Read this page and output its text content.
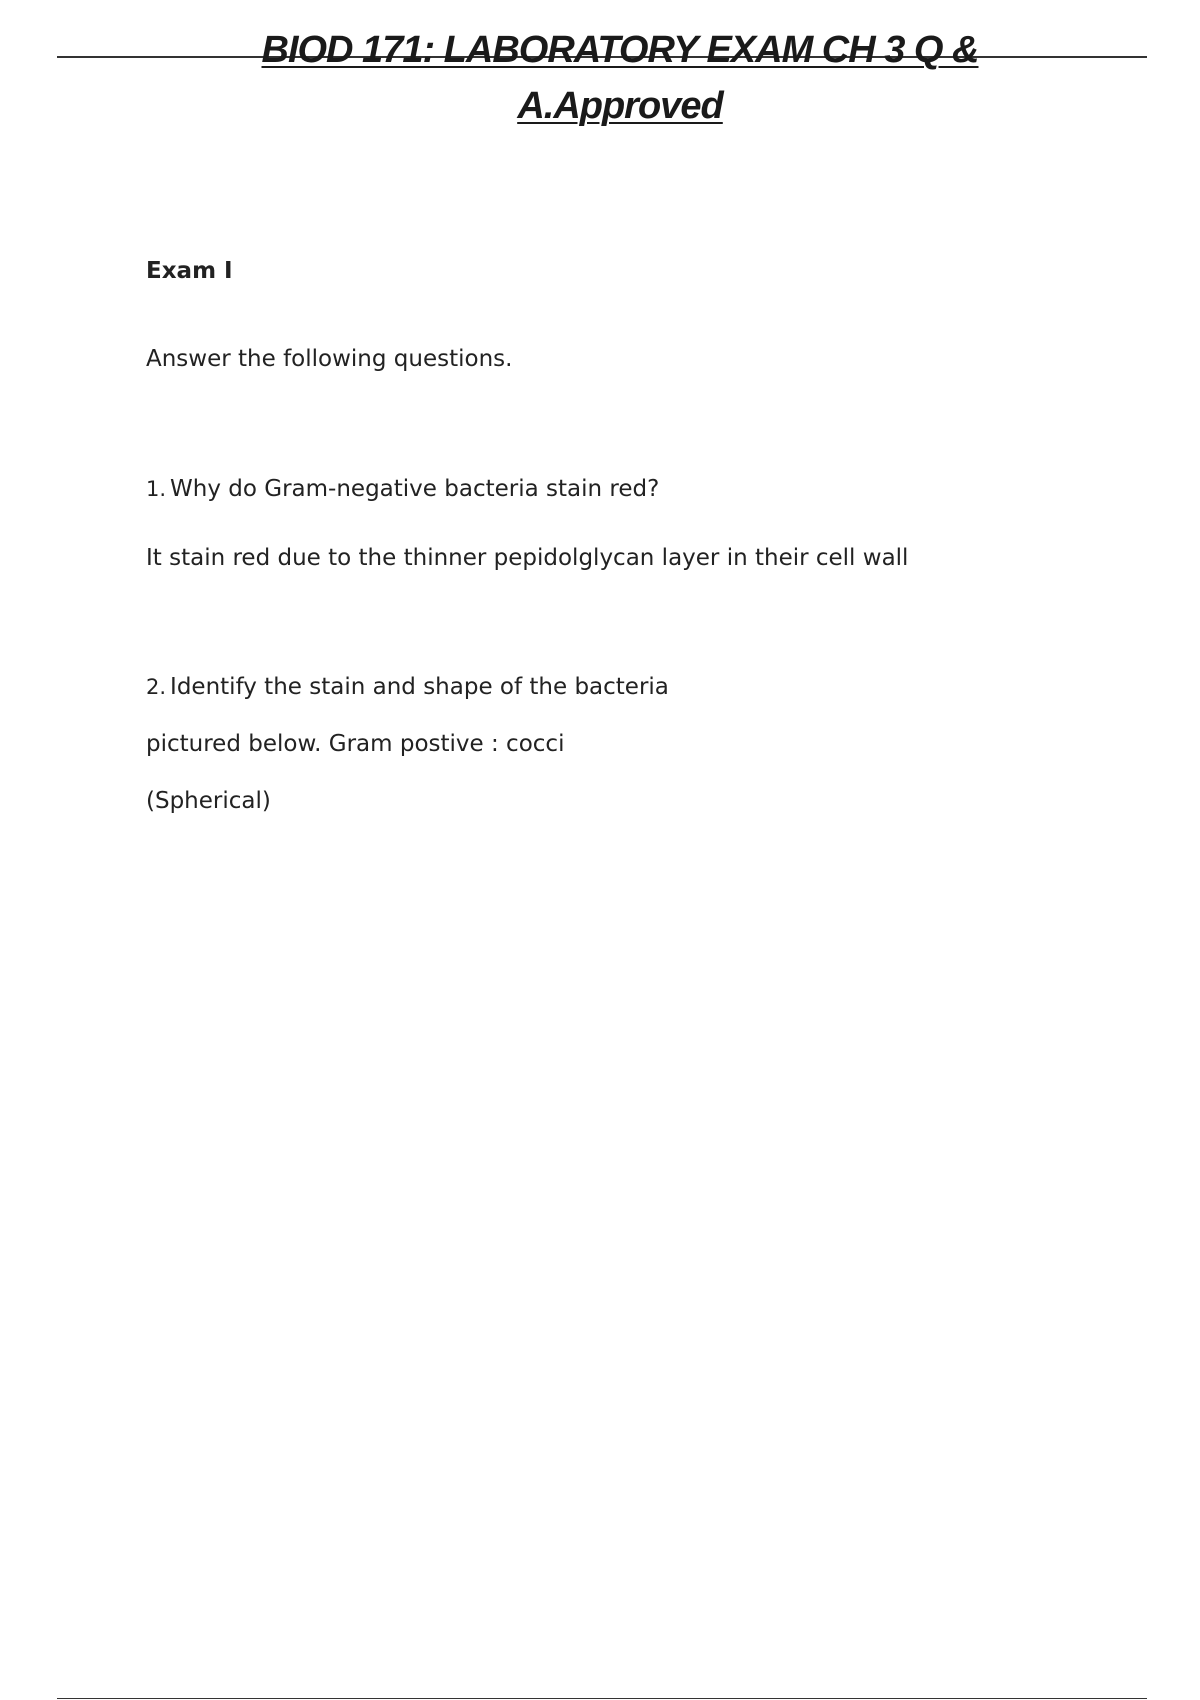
BIOD 171: LABORATORY EXAM CH 3 Q &
A.Approved
Exam I
Answer the following questions.
1. Why do Gram-negative bacteria stain red?
It stain red due to the thinner pepidolglycan layer in their cell wall
2. Identify the stain and shape of the bacteria
pictured below. Gram postive : cocci
(Spherical)
